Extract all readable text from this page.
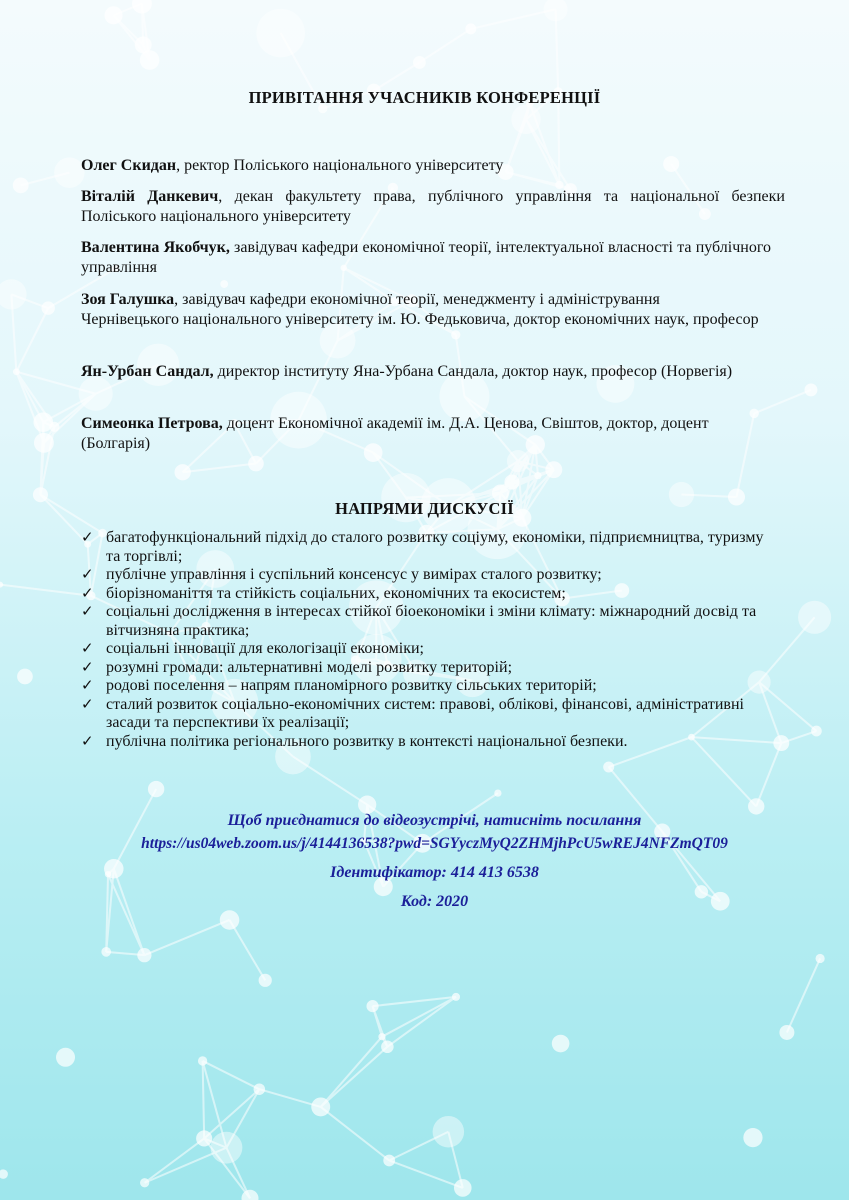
ПРИВІТАННЯ УЧАСНИКІВ КОНФЕРЕНЦІЇ
Олег Скидан, ректор Поліського національного університету
Віталій Данкевич, декан факультету права, публічного управління та національної безпеки Поліського національного університету
Валентина Якобчук, завідувач кафедри економічної теорії, інтелектуальної власності та публічного управління
Зоя Галушка, завідувач кафедри економічної теорії, менеджменту і адміністрування Чернівецького національного університету ім. Ю. Федьковича, доктор економічних наук, професор
Ян-Урбан Сандал, директор інституту Яна-Урбана Сандала, доктор наук, професор (Норвегія)
Симеонка Петрова, доцент Економічної академії ім. Д.А. Ценова, Свіштов, доктор, доцент (Болгарія)
НАПРЯМИ ДИСКУСІЇ
✓ багатофункціональний підхід до сталого розвитку соціуму, економіки, підприємництва, туризму та торгівлі;
✓ публічне управління і суспільний консенсус у вимірах сталого розвитку;
✓ біорізноманіття та стійкість соціальних, економічних та екосистем;
✓ соціальні дослідження в інтересах стійкої біоекономіки і зміни клімату: міжнародний досвід та вітчизняна практика;
✓ соціальні інновації для екологізації економіки;
✓ розумні громади: альтернативні моделі розвитку територій;
✓ родові поселення – напрям планомірного розвитку сільських територій;
✓ сталий розвиток соціально-економічних систем: правові, облікові, фінансові, адміністративні засади та перспективи їх реалізації;
✓ публічна політика регіонального розвитку в контексті національної безпеки.
Щоб приєднатися до відеозустрічі, натисніть посилання
https://us04web.zoom.us/j/4144136538?pwd=SGYyczMyQ2ZHMjhPcU5wREJ4NFZmQT09
Ідентифікатор: 414 413 6538
Код: 2020
